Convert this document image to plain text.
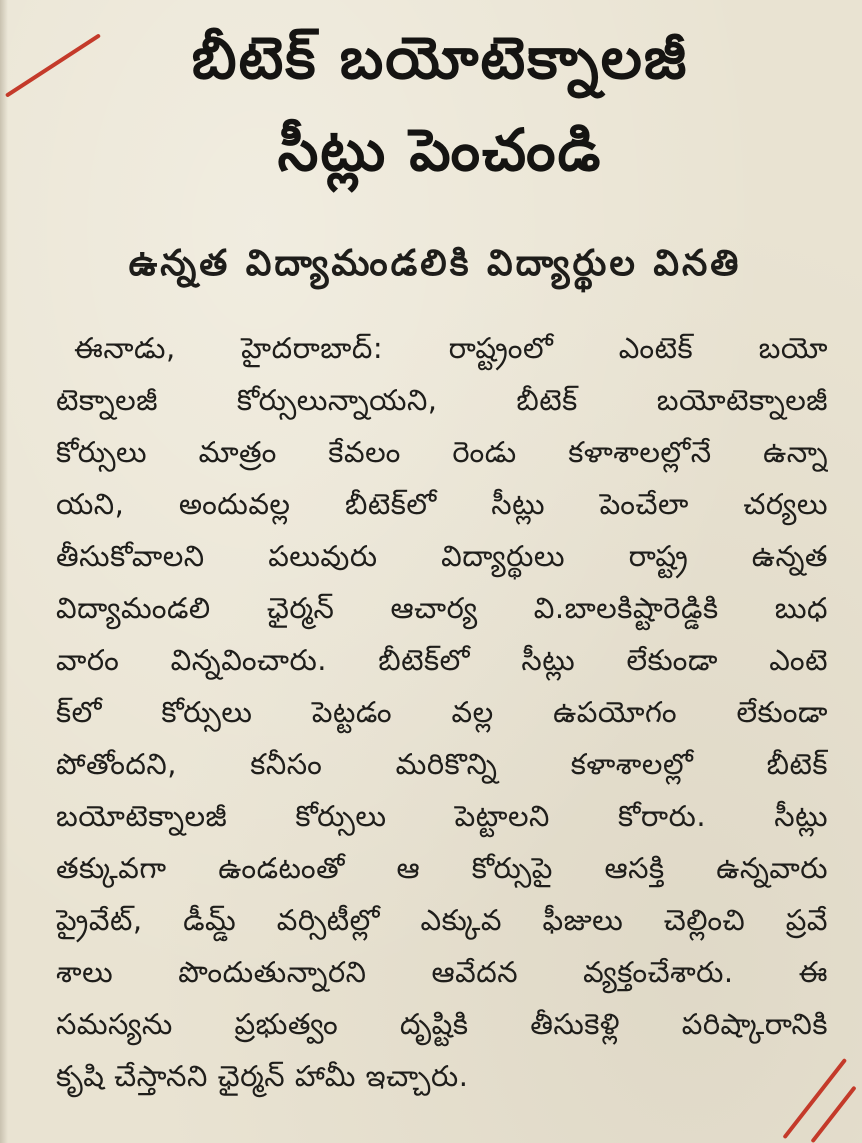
బీటెక్ బయోటెక్నాలజీ
సీట్లు పెంచండి
ఉన్నత విద్యామండలికి విద్యార్థుల వినతి
ఈనాడు, హైదరాబాద్: రాష్ట్రంలో ఎంటెక్ బయో
టెక్నాలజీ కోర్సులున్నాయని, బీటెక్ బయోటెక్నాలజీ
కోర్సులు మాత్రం కేవలం రెండు కళాశాలల్లోనే ఉన్నా
యని, అందువల్ల బీటెక్‌లో సీట్లు పెంచేలా చర్యలు
తీసుకోవాలని పలువురు విద్యార్థులు రాష్ట్ర ఉన్నత
విద్యామండలి ఛైర్మన్ ఆచార్య వి.బాలకిష్టారెడ్డికి బుధ
వారం విన్నవించారు. బీటెక్‌లో సీట్లు లేకుండా ఎంటె
క్‌లో కోర్సులు పెట్టడం వల్ల ఉపయోగం లేకుండా
పోతోందని, కనీసం మరికొన్ని కళాశాలల్లో బీటెక్
బయోటెక్నాలజీ కోర్సులు పెట్టాలని కోరారు. సీట్లు
తక్కువగా ఉండటంతో ఆ కోర్సుపై ఆసక్తి ఉన్నవారు
ప్రైవేట్, డీమ్డ్ వర్సిటీల్లో ఎక్కువ ఫీజులు చెల్లించి ప్రవే
శాలు పొందుతున్నారని ఆవేదన వ్యక్తంచేశారు. ఈ
సమస్యను ప్రభుత్వం దృష్టికి తీసుకెళ్లి పరిష్కారానికి
కృషి చేస్తానని ఛైర్మన్ హామీ ఇచ్చారు.
